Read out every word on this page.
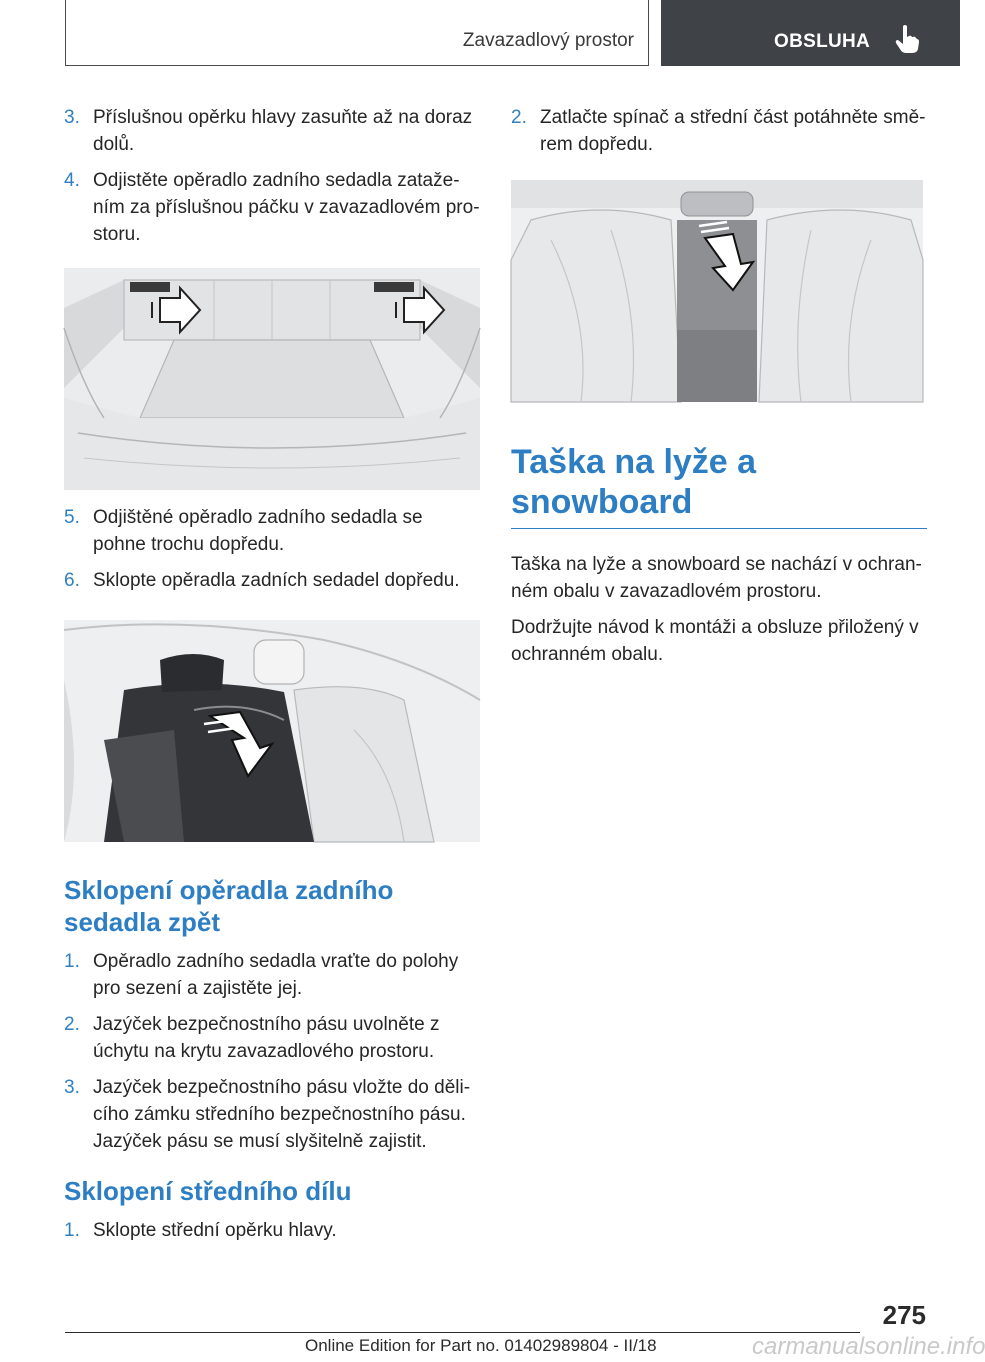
Zavazadlový prostor	OBSLUHA
3. Příslušnou opěrku hlavy zasuňte až na doraz dolů.
4. Odjistěte opěradlo zadního sedadla zatažením za příslušnou páčku v zavazadlovém prostoru.
5. Odjištěné opěradlo zadního sedadla se pohne trochu dopředu.
6. Sklopte opěradla zadních sedadel dopředu.
Sklopení opěradla zadního sedadla zpět
1. Opěradlo zadního sedadla vraťte do polohy pro sezení a zajistěte jej.
2. Jazýček bezpečnostního pásu uvolněte z úchytu na krytu zavazadlového prostoru.
3. Jazýček bezpečnostního pásu vložte do dělicího zámku středního bezpečnostního pásu. Jazýček pásu se musí slyšitelně zajistit.
Sklopení středního dílu
1. Sklopte střední opěrku hlavy.
2. Zatlačte spínač a střední část potáhněte směrem dopředu.
Taška na lyže a snowboard

Taška na lyže a snowboard se nachází v ochranném obalu v zavazadlovém prostoru.

Dodržujte návod k montáži a obsluze přiložený v ochranném obalu.

275
Online Edition for Part no. 01402989804 - II/18	carmanualsonline.info
